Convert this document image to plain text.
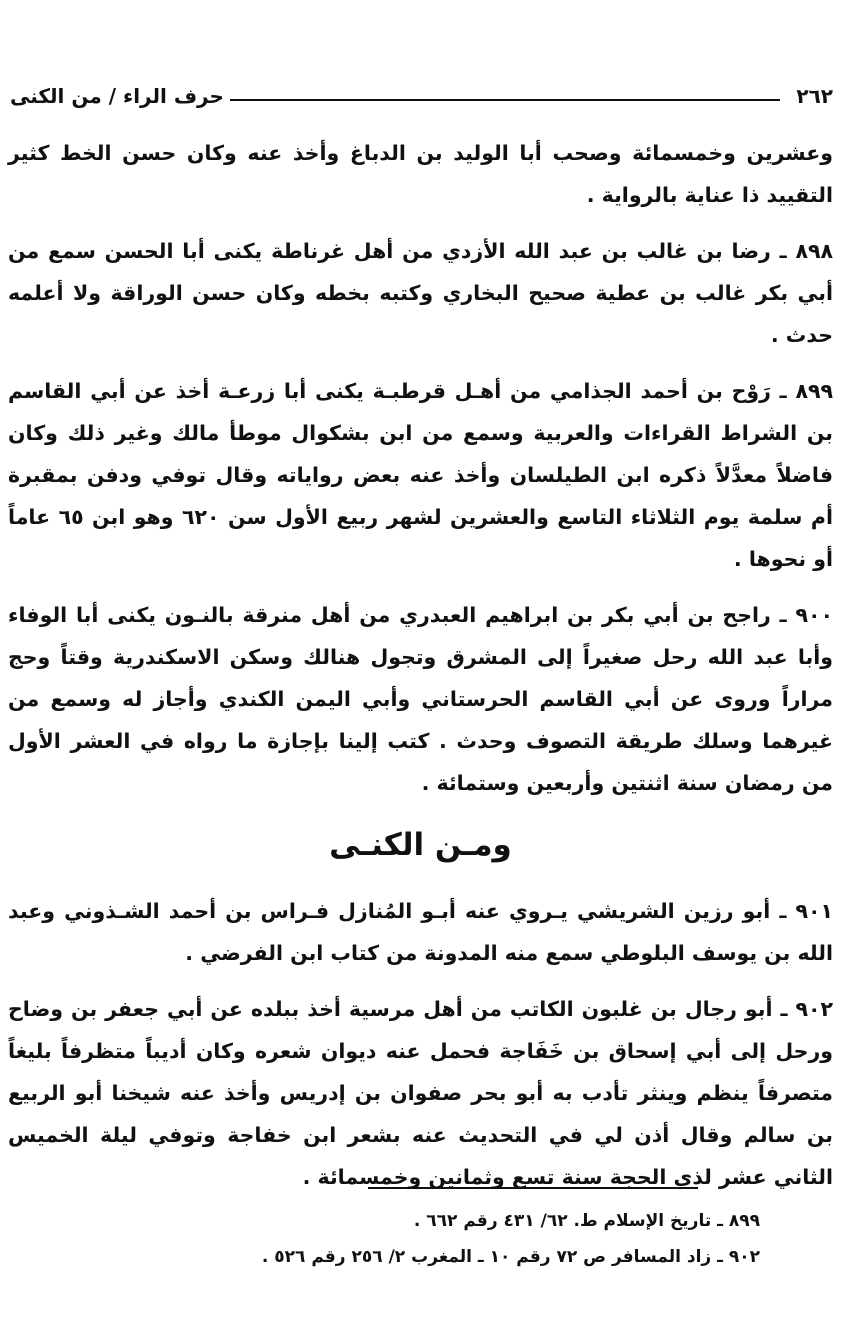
٢٦٢
حرف الراء / من الكنى

وعشرين وخمسمائة وصحب أبا الوليد بن الدباغ وأخذ عنه وكان حسن الخط كثير التقييد ذا عناية بالرواية .

٨٩٨ ـ رضا بن غالب بن عبد الله الأزدي من أهل غرناطة يكنى أبا الحسن سمع من أبي بكر غالب بن عطية صحيح البخاري وكتبه بخطه وكان حسن الوراقة ولا أعلمه حدث .

٨٩٩ ـ رَوْح بن أحمد الجذامي من أهـل قرطبـة يكنى أبا زرعـة أخذ عن أبي القاسم بن الشراط القراءات والعربية وسمع من ابن بشكوال موطأ مالك وغير ذلك وكان فاضلاً معدَّلاً ذكره ابن الطيلسان وأخذ عنه بعض رواياته وقال توفي ودفن بمقبرة أم سلمة يوم الثلاثاء التاسع والعشرين لشهر ربيع الأول سن ٦٢٠ وهو ابن ٦٥ عاماً أو نحوها .

٩٠٠ ـ راجح بن أبي بكر بن ابراهيم العبدري من أهل منرقة بالنـون يكنى أبا الوفاء وأبا عبد الله رحل صغيراً إلى المشرق وتجول هنالك وسكن الاسكندرية وقتاً وحج مراراً وروى عن أبي القاسم الحرستاني وأبي اليمن الكندي وأجاز له وسمع من غيرهما وسلك طريقة التصوف وحدث . كتب إلينا بإجازة ما رواه في العشر الأول من رمضان سنة اثنتين وأربعين وستمائة .

ومـن الكنـى

٩٠١ ـ أبو رزين الشريشي يـروي عنه أبـو المُنازل فـراس بن أحمد الشـذوني وعبد الله بن يوسف البلوطي سمع منه المدونة من كتاب ابن الفرضي .

٩٠٢ ـ أبو رجال بن غلبون الكاتب من أهل مرسية أخذ ببلده عن أبي جعفر بن وضاح ورحل إلى أبي إسحاق بن خَفَاجة فحمل عنه ديوان شعره وكان أديباً متظرفاً بليغاً متصرفاً ينظم وينثر تأدب به أبو بحر صفوان بن إدريس وأخذ عنه شيخنا أبو الربيع بن سالم وقال أذن لي في التحديث عنه بشعر ابن خفاجة وتوفي ليلة الخميس الثاني عشر لذي الحجة سنة تسع وثمانين وخمسمائة .

٨٩٩ ـ تاريخ الإسلام ط. ٦٢/ ٤٣١ رقم ٦٦٢ .

٩٠٢ ـ زاد المسافر ص ٧٢ رقم ١٠ ـ المغرب ٢/ ٢٥٦ رقم ٥٢٦ .
